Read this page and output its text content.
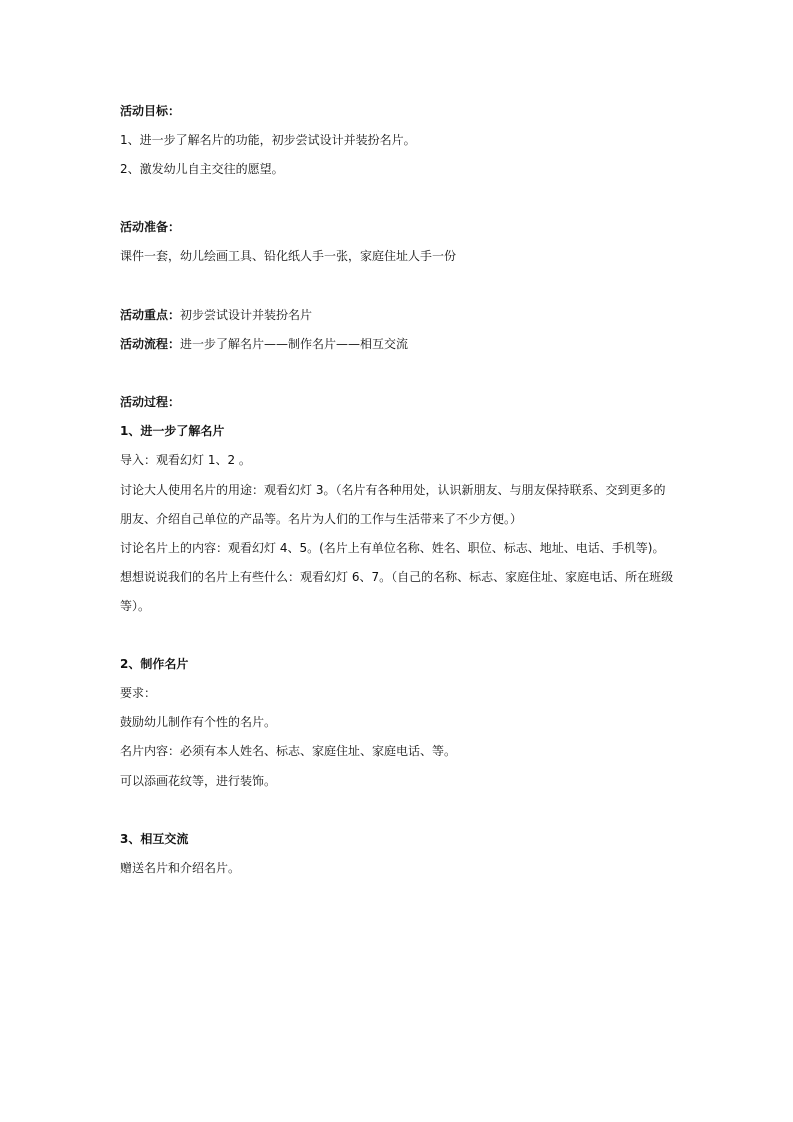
活动目标：
1、进一步了解名片的功能，初步尝试设计并装扮名片。
2、激发幼儿自主交往的愿望。
活动准备：
课件一套，幼儿绘画工具、铅化纸人手一张，家庭住址人手一份
活动重点：初步尝试设计并装扮名片
活动流程：进一步了解名片——制作名片——相互交流
活动过程：
1、进一步了解名片
导入：观看幻灯 1、2 。
讨论大人使用名片的用途：观看幻灯 3。（名片有各种用处，认识新朋友、与朋友保持联系、交到更多的
朋友、介绍自己单位的产品等。名片为人们的工作与生活带来了不少方便。）
讨论名片上的内容：观看幻灯 4、5。(名片上有单位名称、姓名、职位、标志、地址、电话、手机等)。
想想说说我们的名片上有些什么：观看幻灯 6、7。（自己的名称、标志、家庭住址、家庭电话、所在班级
等）。
2、制作名片
要求：
鼓励幼儿制作有个性的名片。
名片内容：必须有本人姓名、标志、家庭住址、家庭电话、等。
可以添画花纹等，进行装饰。
3、相互交流
赠送名片和介绍名片。
